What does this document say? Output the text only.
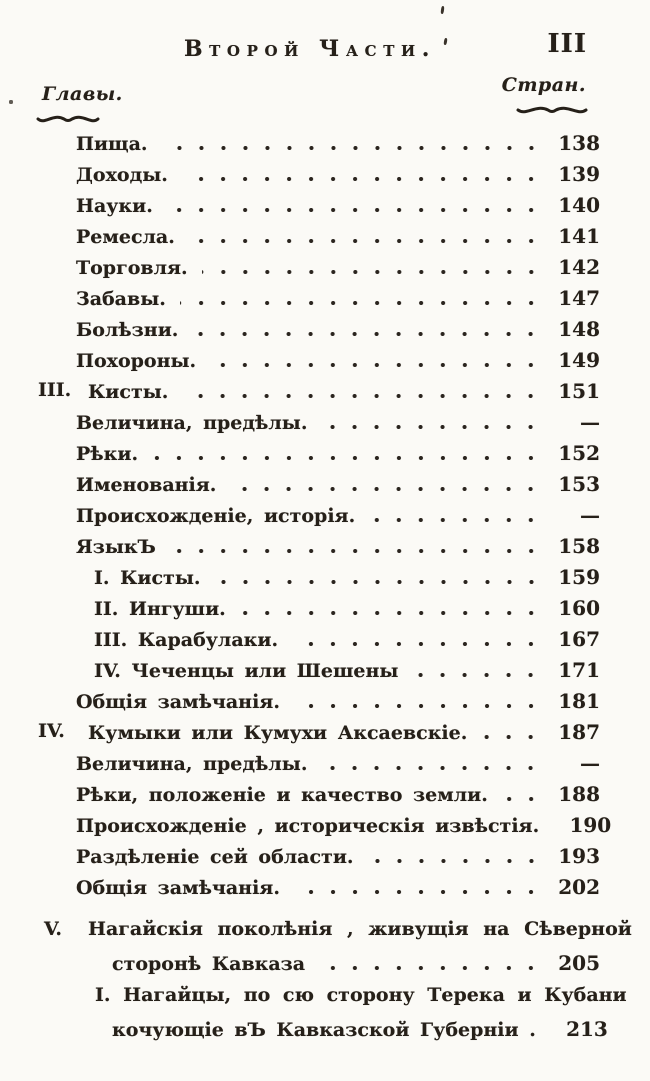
Второй Части.	III
Главы.	Стран.
Пища.	138
Доходы.	139
Науки.	140
Ремесла.	141
Торговля.	142
Забавы.	147
Болѣзни.	148
Похороны.	149
III. Кисты.	151
Величина, предѣлы.	—
Рѣки.	152
Именованія.	153
Происхожденіе, исторія.	—
ЯзыкЪ	158
I. Кисты.	159
II. Ингуши.	160
III. Карабулаки.	167
IV. Чеченцы или Шешены	171
Общія замѣчанія.	181
IV. Кумыки или Кумухи Аксаевскіе.	187
Величина, предѣлы.	—
Рѣки, положеніе и качество земли.	188
Происхожденіе , историческія извѣстія.	190
Раздѣленіе сей области.	193
Общія замѣчанія.	202
V. Нагайскія поколѣнія , живущія на Сѣверной
сторонѣ Кавказа	205
I. Нагайцы, по сю сторону Терека и Кубани
кочующіе вЪ Кавказской Губерніи .	213
